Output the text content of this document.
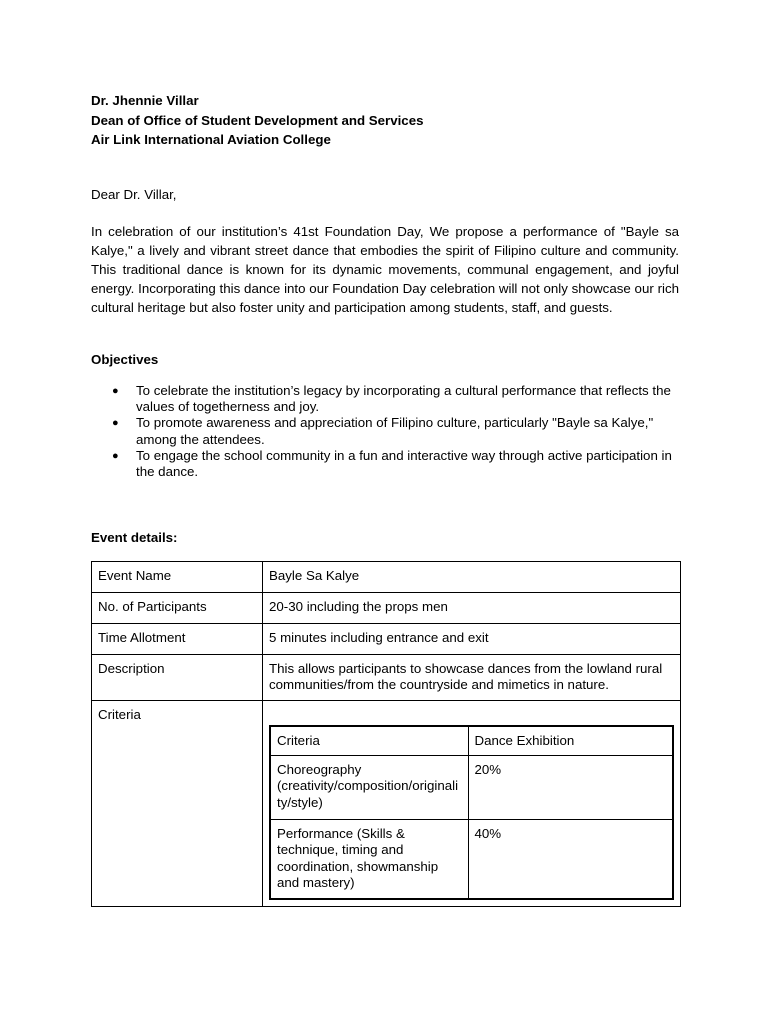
Dr. Jhennie Villar

Dean of Office of Student Development and Services

Air Link International Aviation College

Dear Dr. Villar,

In celebration of our institution’s 41st Foundation Day, We propose a performance of "Bayle sa Kalye," a lively and vibrant street dance that embodies the spirit of Filipino culture and community. This traditional dance is known for its dynamic movements, communal engagement, and joyful energy. Incorporating this dance into our Foundation Day celebration will not only showcase our rich cultural heritage but also foster unity and participation among students, staff, and guests.

Objectives

● To celebrate the institution’s legacy by incorporating a cultural performance that reflects the values of togetherness and joy.
● To promote awareness and appreciation of Filipino culture, particularly "Bayle sa Kalye," among the attendees.
● To engage the school community in a fun and interactive way through active participation in the dance.

Event details:

Event Name	Bayle Sa Kalye
No. of Participants	20-30 including the props men
Time Allotment	5 minutes including entrance and exit
Description	This allows participants to showcase dances from the lowland rural communities/from the countryside and mimetics in nature.
Criteria	
Criteria	Dance Exhibition
Choreography
(creativity/composition/originali
ty/style)	20%
Performance (Skills & technique, timing and coordination, showmanship and mastery)	40%
